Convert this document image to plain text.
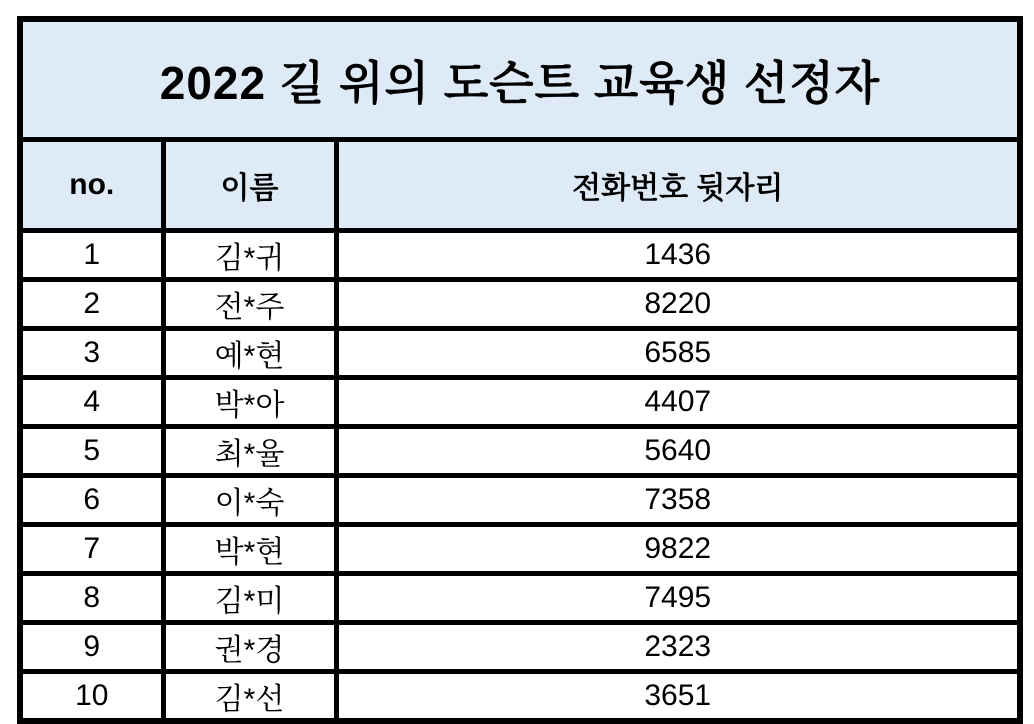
2022 길 위의 도슨트 교육생 선정자		
no.	이름	전화번호 뒷자리
1	김*귀	1436
2	전*주	8220
3	예*현	6585
4	박*아	4407
5	최*율	5640
6	이*숙	7358
7	박*현	9822
8	김*미	7495
9	권*경	2323
10	김*선	3651
